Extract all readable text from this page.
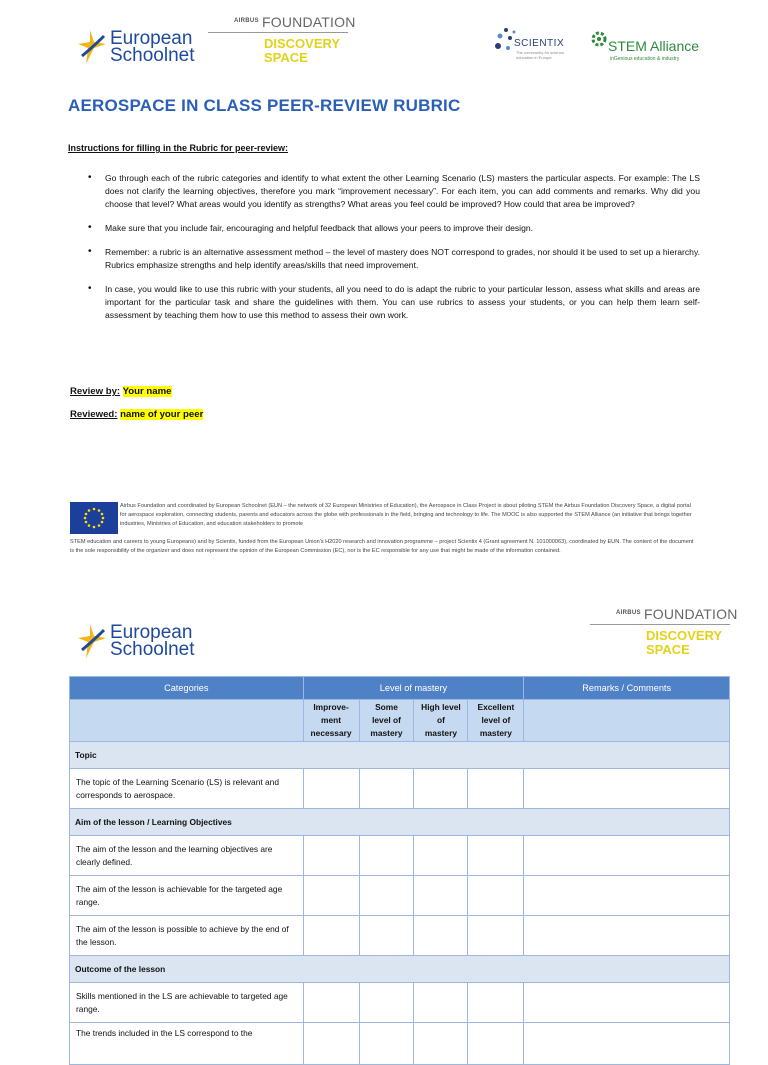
European
Schoolnet
AIRBUS FOUNDATION
DISCOVERY
SPACE
SCIENTIX
The community for science education in Europe
STEM Alliance
inGenious education & industry
AEROSPACE IN CLASS PEER-REVIEW RUBRIC
Instructions for filling in the Rubric for peer-review:
• Go through each of the rubric categories and identify to what extent the other Learning Scenario (LS) masters the particular aspects. For example: The LS does not clarify the learning objectives, therefore you mark “improvement necessary”. For each item, you can add comments and remarks. Why did you choose that level? What areas would you identify as strengths? What areas you feel could be improved? How could that area be improved?
• Make sure that you include fair, encouraging and helpful feedback that allows your peers to improve their design.
• Remember: a rubric is an alternative assessment method – the level of mastery does NOT correspond to grades, nor should it be used to set up a hierarchy. Rubrics emphasize strengths and help identify areas/skills that need improvement.
• In case, you would like to use this rubric with your students, all you need to do is adapt the rubric to your particular lesson, assess what skills and areas are important for the particular task and share the guidelines with them. You can use rubrics to assess your students, or you can help them learn self-assessment by teaching them how to use this method to assess their own work.
Review by: Your name
Reviewed: name of your peer
Airbus Foundation and coordinated by European Schoolnet (EUN – the network of 32 European Ministries of Education), the Aerospace in Class Project is about piloting STEM the Airbus Foundation Discovery Space, a digital portal for aerospace exploration, connecting students, parents and educators across the globe with professionals in the field, bringing and technology to life. The MOOC is also supported the STEM Alliance (an initiative that brings together industries, Ministries of Education, and education stakeholders to promote
STEM education and careers to young Europeans) and by Scientix, funded from the European Union's H2020 research and innovation programme – project Scientix 4 (Grant agreement N. 101000063), coordinated by EUN. The content of the document is the sole responsibility of the organizer and does not represent the opinion of the European Commission (EC), nor is the EC responsible for any use that might be made of the information contained.
European
Schoolnet
AIRBUS FOUNDATION
DISCOVERY
SPACE
Categories	Level of mastery				Remarks / Comments
	Improve-
ment
necessary	Some
level of
mastery	High level
of
mastery	Excellent
level of
mastery	
Topic					
The topic of the Learning Scenario (LS) is relevant and corresponds to aerospace.					
Aim of the lesson / Learning Objectives					
The aim of the lesson and the learning objectives are clearly defined.					
The aim of the lesson is achievable for the targeted age range.					
The aim of the lesson is possible to achieve by the end of the lesson.					
Outcome of the lesson					
Skills mentioned in the LS are achievable to targeted age range.					
The trends included in the LS correspond to the					
